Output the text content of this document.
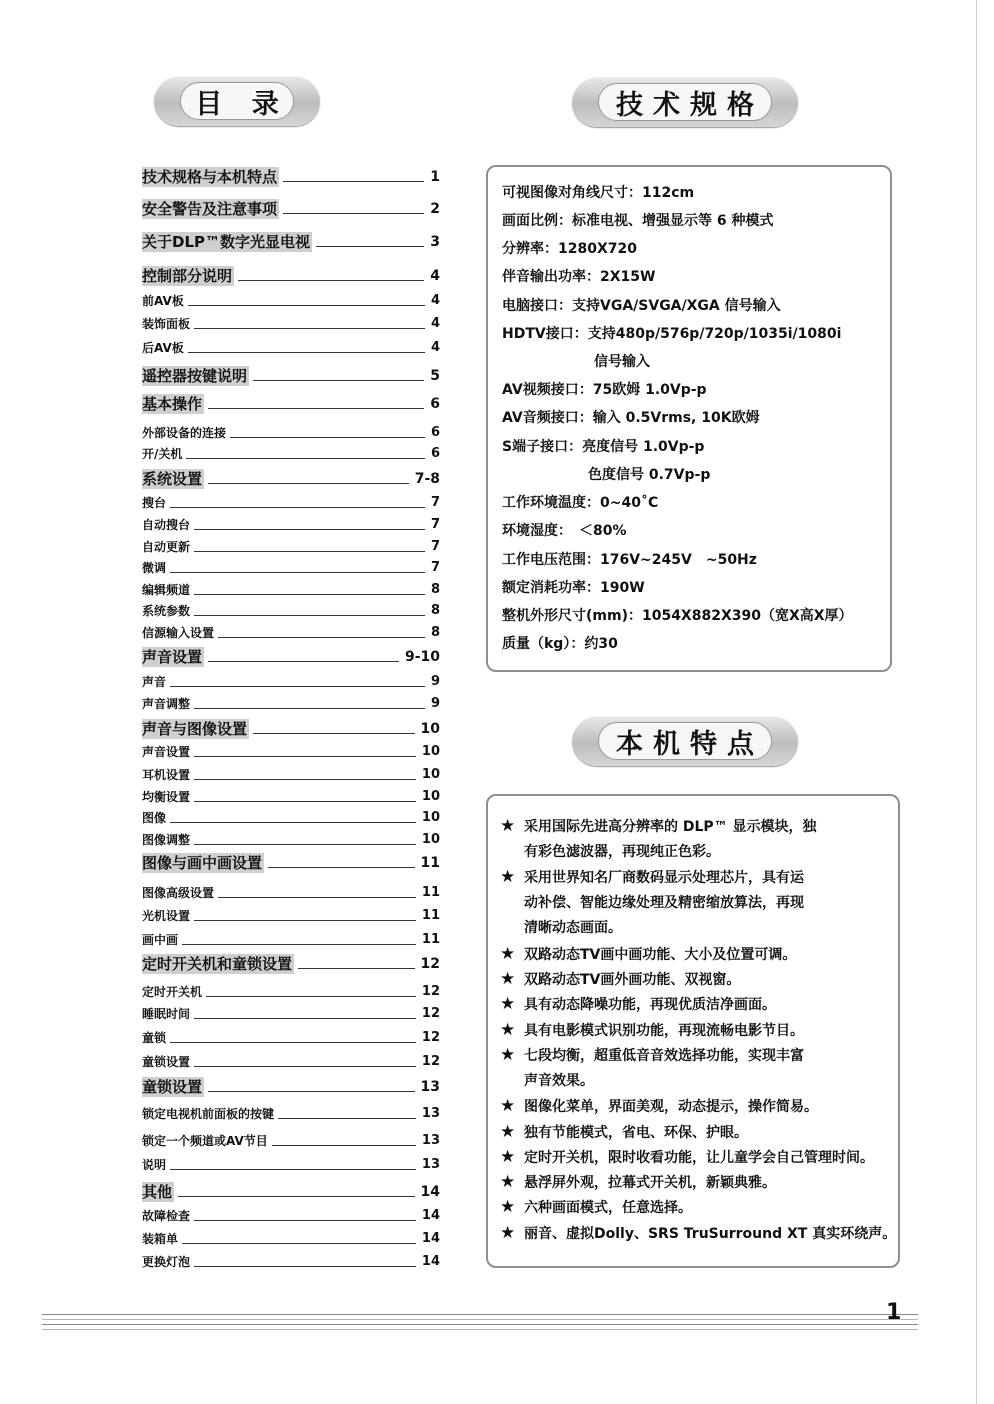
目 录	技术规格
本机特点
技术规格与本机特点	1
安全警告及注意事项	2
关于DLP™数字光显电视	3
控制部分说明	4
前AV板	4
装饰面板	4
后AV板	4
遥控器按键说明	5
基本操作	6
外部设备的连接	6
开/关机	6
系统设置	7-8
搜台	7
自动搜台	7
自动更新	7
微调	7
编辑频道	8
系统参数	8
信源输入设置	8
声音设置	9-10
声音	9
声音调整	9
声音与图像设置	10
声音设置	10
耳机设置	10
均衡设置	10
图像	10
图像调整	10
图像与画中画设置	11
图像高级设置	11
光机设置	11
画中画	11
定时开关机和童锁设置	12
定时开关机	12
睡眠时间	12
童锁	12
童锁设置	12
童锁设置	13
锁定电视机前面板的按键	13
锁定一个频道或AV节目	13
说明	13
其他	14
故障检查	14
装箱单	14
更换灯泡	14
可视图像对角线尺寸：112cm
画面比例：标准电视、增强显示等 6 种模式
分辨率：1280X720
伴音输出功率：2X15W
电脑接口：支持VGA/SVGA/XGA 信号输入
HDTV接口：支持480p/576p/720p/1035i/1080i
信号输入
AV视频接口：75欧姆 1.0Vp-p
AV音频接口：输入 0.5Vrms, 10K欧姆
S端子接口：亮度信号 1.0Vp-p
色度信号 0.7Vp-p
工作环境温度：0~40˚C
环境湿度：　＜80%
工作电压范围：176V~245V　~50Hz
额定消耗功率：190W
整机外形尺寸(mm)：1054X882X390（宽X高X厚）
质量（kg）：约30
★ 采用国际先进高分辨率的 DLP™ 显示模块，独
有彩色滤波器，再现纯正色彩。
★ 采用世界知名厂商数码显示处理芯片，具有运
动补偿、智能边缘处理及精密缩放算法，再现
清晰动态画面。
★ 双路动态TV画中画功能、大小及位置可调。
★ 双路动态TV画外画功能、双视窗。
★ 具有动态降噪功能，再现优质洁净画面。
★ 具有电影模式识别功能，再现流畅电影节目。
★ 七段均衡，超重低音音效选择功能，实现丰富
声音效果。
★ 图像化菜单，界面美观，动态提示，操作简易。
★ 独有节能模式，省电、环保、护眼。
★ 定时开关机，限时收看功能，让儿童学会自己管理时间。
★ 悬浮屏外观，拉幕式开关机，新颖典雅。
★ 六种画面模式，任意选择。
★ 丽音、虚拟Dolly、SRS TruSurround XT 真实环绕声。
1
